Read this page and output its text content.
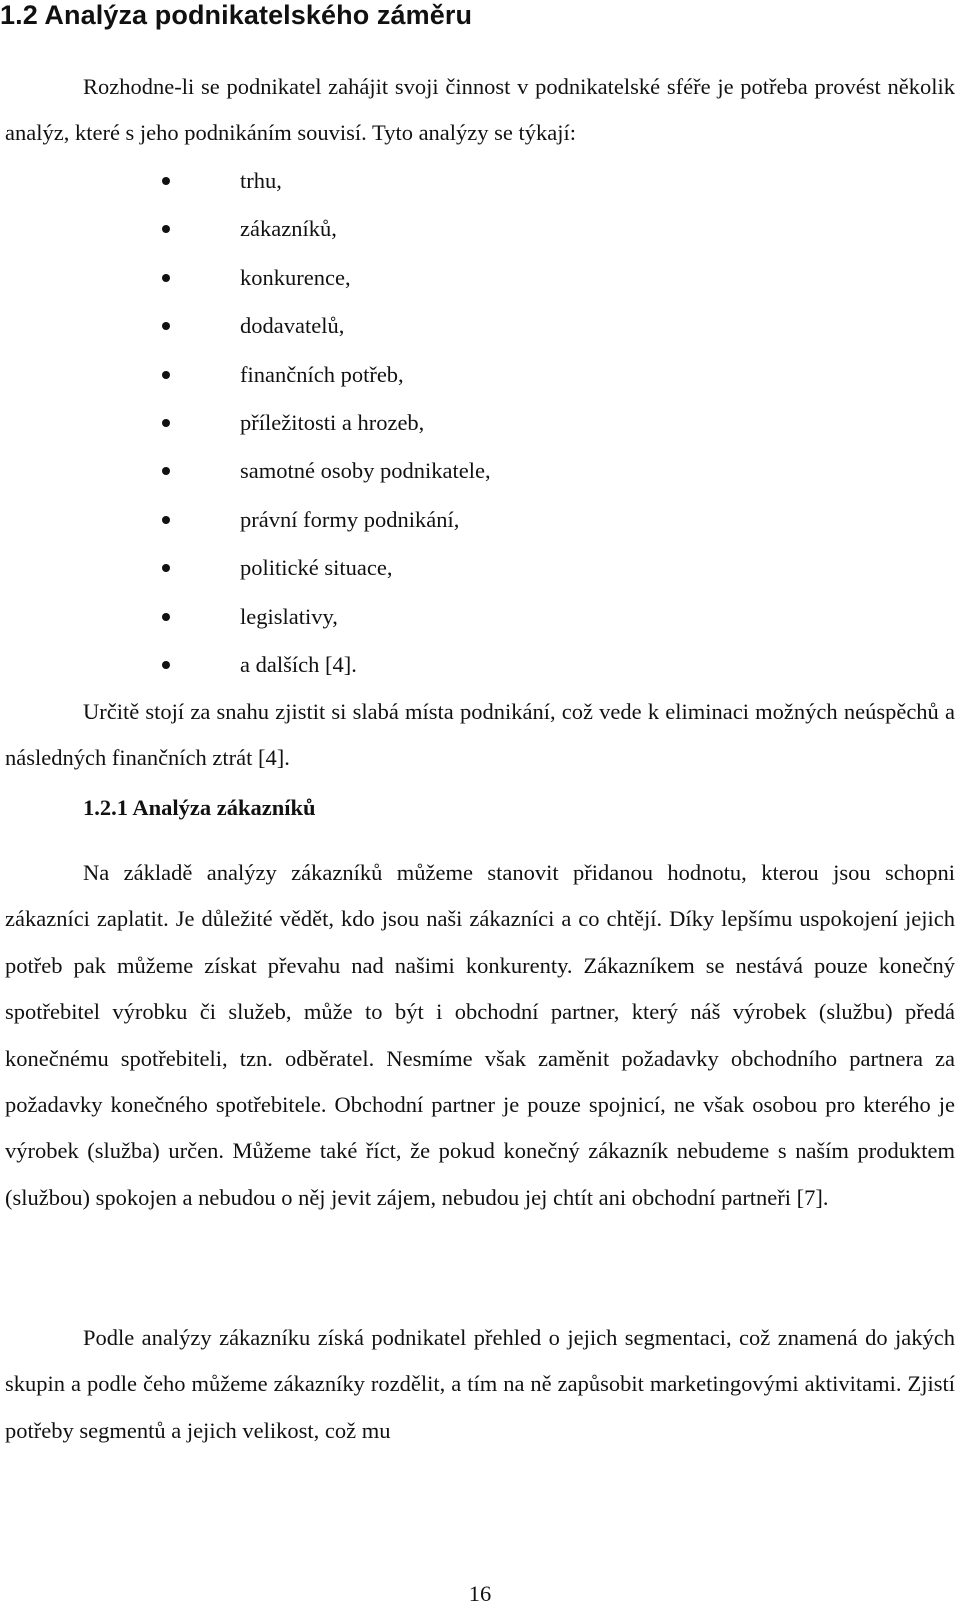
1.2 Analýza podnikatelského záměru

Rozhodne-li se podnikatel zahájit svoji činnost v podnikatelské sféře je potřeba provést několik analýz, které s jeho podnikáním souvisí. Tyto analýzy se týkají:

trhu,
zákazníků,
konkurence,
dodavatelů,
finančních potřeb,
příležitosti a hrozeb,
samotné osoby podnikatele,
právní formy podnikání,
politické situace,
legislativy,
a dalších [4].

Určitě stojí za snahu zjistit si slabá místa podnikání, což vede k eliminaci možných neúspěchů a následných finančních ztrát [4].

1.2.1 Analýza zákazníků

Na základě analýzy zákazníků můžeme stanovit přidanou hodnotu, kterou jsou schopni zákazníci zaplatit. Je důležité vědět, kdo jsou naši zákazníci a co chtějí. Díky lepšímu uspokojení jejich potřeb pak můžeme získat převahu nad našimi konkurenty. Zákazníkem se nestává pouze konečný spotřebitel výrobku či služeb, může to být i obchodní partner, který náš výrobek (službu) předá konečnému spotřebiteli, tzn. odběratel. Nesmíme však zaměnit požadavky obchodního partnera za požadavky konečného spotřebitele. Obchodní partner je pouze spojnicí, ne však osobou pro kterého je výrobek (služba) určen. Můžeme také říct, že pokud konečný zákazník nebudeme s naším produktem (službou) spokojen a nebudou o něj jevit zájem, nebudou jej chtít ani obchodní partneři [7].

Podle analýzy zákazníku získá podnikatel přehled o jejich segmentaci, což znamená do jakých skupin a podle čeho můžeme zákazníky rozdělit, a tím na ně zapůsobit marketingovými aktivitami. Zjistí potřeby segmentů a jejich velikost, což mu

16
